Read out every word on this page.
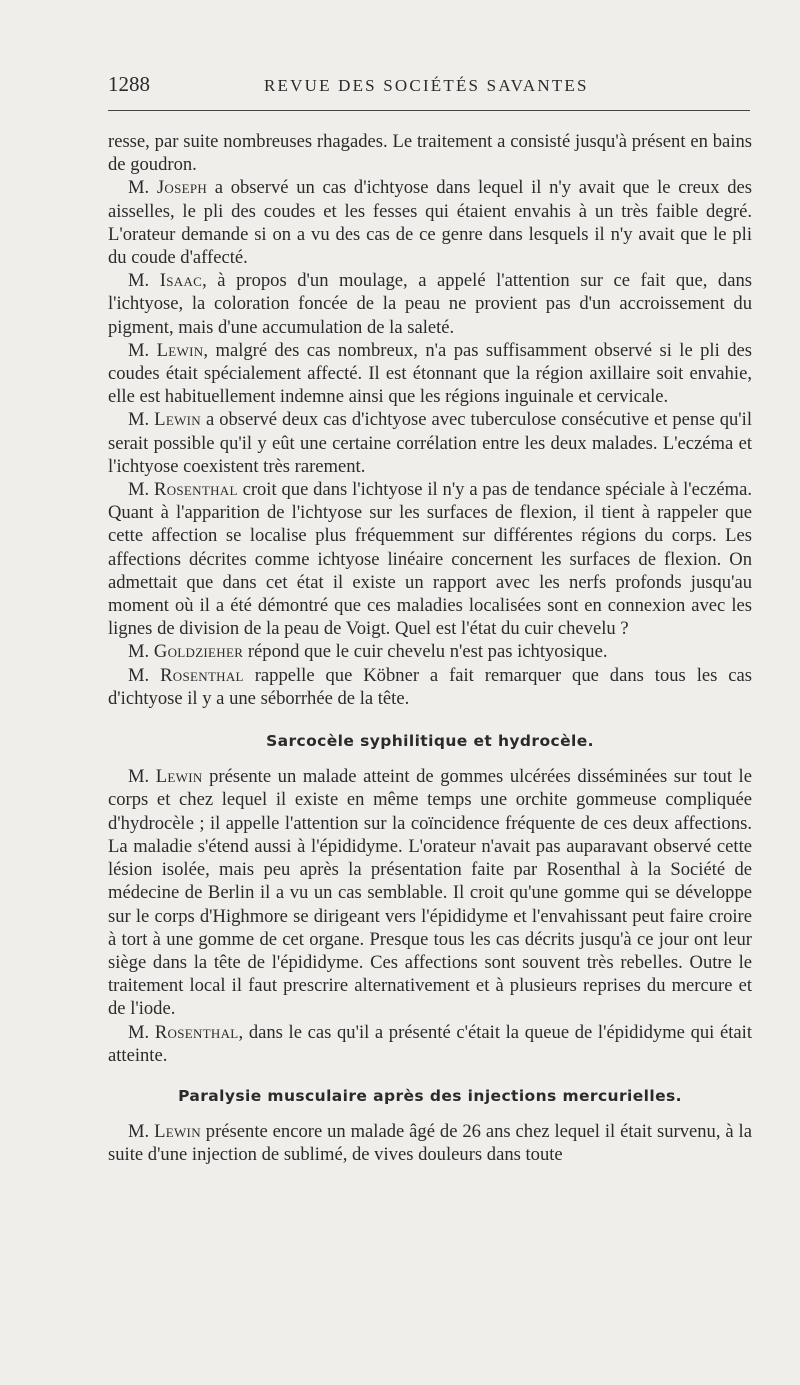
1288	REVUE DES SOCIÉTÉS SAVANTES

resse, par suite nombreuses rhagades. Le traitement a consisté jusqu'à présent en bains de goudron.

M. Joseph a observé un cas d'ichtyose dans lequel il n'y avait que le creux des aisselles, le pli des coudes et les fesses qui étaient envahis à un très faible degré. L'orateur demande si on a vu des cas de ce genre dans lesquels il n'y avait que le pli du coude d'affecté.

M. Isaac, à propos d'un moulage, a appelé l'attention sur ce fait que, dans l'ichtyose, la coloration foncée de la peau ne provient pas d'un accroissement du pigment, mais d'une accumulation de la saleté.

M. Lewin, malgré des cas nombreux, n'a pas suffisamment observé si le pli des coudes était spécialement affecté. Il est étonnant que la région axillaire soit envahie, elle est habituellement indemne ainsi que les régions inguinale et cervicale.

M. Lewin a observé deux cas d'ichtyose avec tuberculose consécutive et pense qu'il serait possible qu'il y eût une certaine corrélation entre les deux malades. L'eczéma et l'ichtyose coexistent très rarement.

M. Rosenthal croit que dans l'ichtyose il n'y a pas de tendance spéciale à l'eczéma. Quant à l'apparition de l'ichtyose sur les surfaces de flexion, il tient à rappeler que cette affection se localise plus fréquemment sur différentes régions du corps. Les affections décrites comme ichtyose linéaire concernent les surfaces de flexion. On admettait que dans cet état il existe un rapport avec les nerfs profonds jusqu'au moment où il a été démontré que ces maladies localisées sont en connexion avec les lignes de division de la peau de Voigt. Quel est l'état du cuir chevelu ?

M. Goldzieher répond que le cuir chevelu n'est pas ichtyosique.

M. Rosenthal rappelle que Köbner a fait remarquer que dans tous les cas d'ichtyose il y a une séborrhée de la tête.

Sarcocèle syphilitique et hydrocèle.

M. Lewin présente un malade atteint de gommes ulcérées disséminées sur tout le corps et chez lequel il existe en même temps une orchite gommeuse compliquée d'hydrocèle ; il appelle l'attention sur la coïncidence fréquente de ces deux affections. La maladie s'étend aussi à l'épididyme. L'orateur n'avait pas auparavant observé cette lésion isolée, mais peu après la présentation faite par Rosenthal à la Société de médecine de Berlin il a vu un cas semblable. Il croit qu'une gomme qui se développe sur le corps d'Highmore se dirigeant vers l'épididyme et l'envahissant peut faire croire à tort à une gomme de cet organe. Presque tous les cas décrits jusqu'à ce jour ont leur siège dans la tête de l'épididyme. Ces affections sont souvent très rebelles. Outre le traitement local il faut prescrire alternativement et à plusieurs reprises du mercure et de l'iode.

M. Rosenthal, dans le cas qu'il a présenté c'était la queue de l'épididyme qui était atteinte.

Paralysie musculaire après des injections mercurielles.

M. Lewin présente encore un malade âgé de 26 ans chez lequel il était survenu, à la suite d'une injection de sublimé, de vives douleurs dans toute
